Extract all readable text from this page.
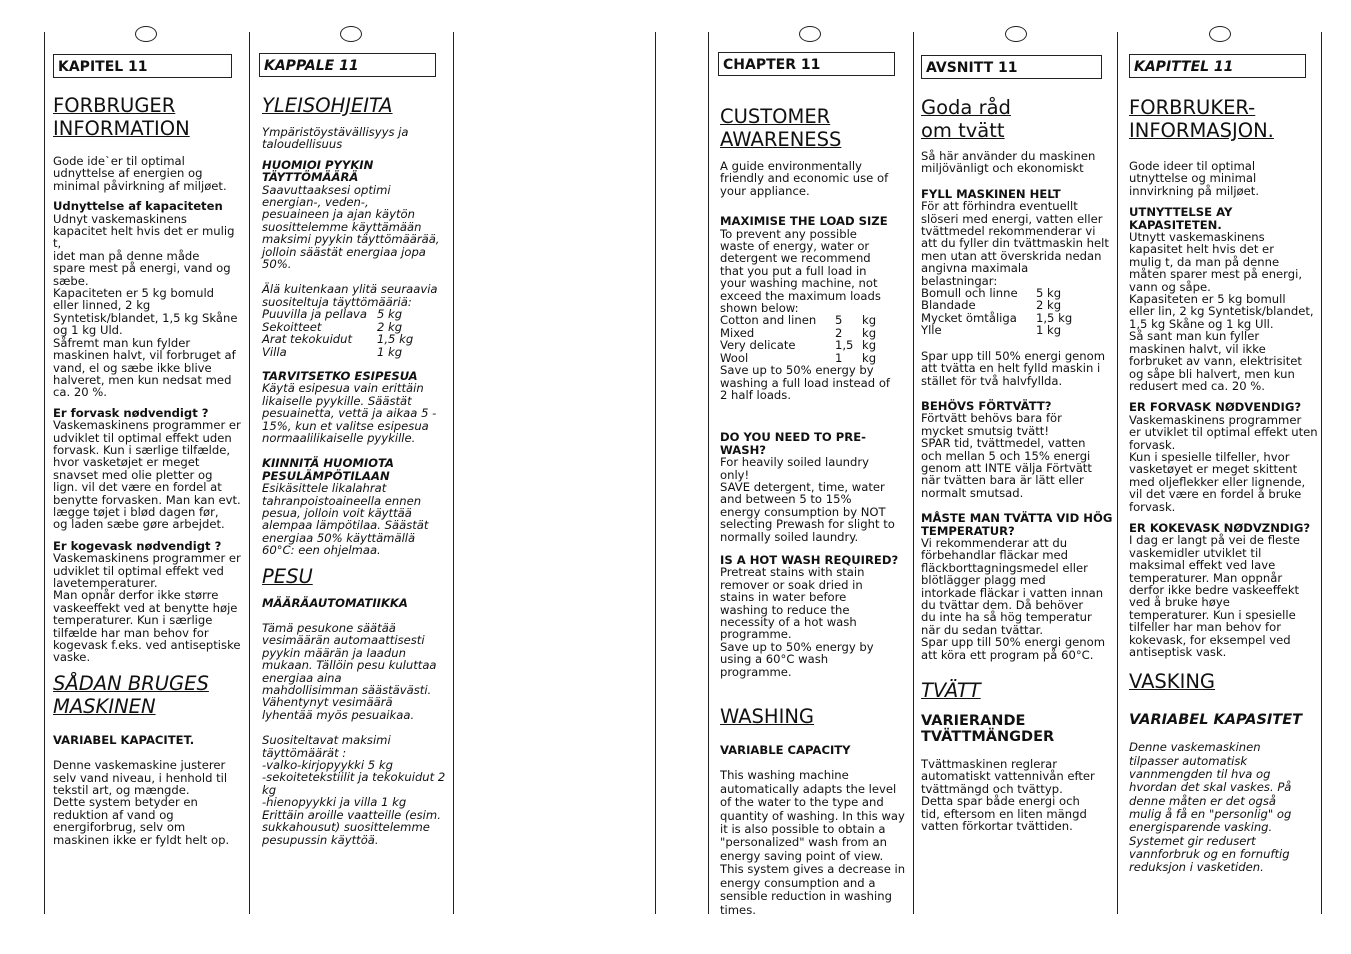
KAPITEL 11	KAPPALE 11	CHAPTER 11	AVSNITT 11	KAPITTEL 11

FORBRUGER
INFORMATION

Gode ide`er til optimal
udnyttelse af energien og
minimal påvirkning af miljøet.

Udnyttelse af kapaciteten

Udnyt vaskemaskinens
kapacitet helt hvis det er mulig t,
idet man på denne måde
spare mest på energi, vand og
sæbe.
Kapaciteten er 5 kg bomuld
eller linned, 2 kg
Syntetisk/blandet, 1,5 kg Skåne
og 1 kg Uld.
Såfremt man kun fylder
maskinen halvt, vil forbruget af
vand, el og sæbe ikke blive
halveret, men kun nedsat med
ca. 20 %.

Er forvask nødvendigt ?

Vaskemaskinens programmer er
udviklet til optimal effekt uden
forvask. Kun i særlige tilfælde,
hvor vasketøjet er meget
snavset med olie pletter og
lign. vil det være en fordel at
benytte forvasken. Man kan evt.
lægge tøjet i blød dagen før,
og laden sæbe gøre arbejdet.

Er kogevask nødvendigt ?

Vaskemaskinens programmer er
udviklet til optimal effekt ved
lavetemperaturer.
Man opnår derfor ikke større
vaskeeffekt ved at benytte høje
temperaturer. Kun i særlige
tilfælde har man behov for
kogevask f.eks. ved antiseptiske
vaske.

SÅDAN BRUGES
MASKINEN

VARIABEL KAPACITET.

Denne vaskemaskine justerer
selv vand niveau, i henhold til
tekstil art, og mængde.
Dette system betyder en
reduktion af vand og
energiforbrug, selv om
maskinen ikke er fyldt helt op.

YLEISOHJEITA

Ympäristöystävällisyys ja
taloudellisuus

HUOMIOI PYYKIN
TÄYTTÖMÄÄRÄ

Saavuttaaksesi optimi
energian-, veden-,
pesuaineen ja ajan käytön
suosittelemme käyttämään
maksimi pyykin täyttömäärää,
jolloin säästät energiaa jopa
50%.

Älä kuitenkaan ylitä seuraavia
suositeltuja täyttömääriä:

Puuvilla ja pellava	5 kg
Sekoitteet	2 kg
Arat tekokuidut	1,5 kg
Villa	1 kg

TARVITSETKO ESIPESUA

Käytä esipesua vain erittäin
likaiselle pyykille. Säästät
pesuainetta, vettä ja aikaa 5 -
15%, kun et valitse esipesua
normaalilikaiselle pyykille.

KIINNITÄ HUOMIOTA
PESULÄMPÖTILAAN

Esikäsittele likalahrat
tahranpoistoaineella ennen
pesua, jolloin voit käyttää
alempaa lämpötilaa. Säästät
energiaa 50% käyttämällä
60°C: een ohjelmaa.

PESU

MÄÄRÄAUTOMATIIKKA

Tämä pesukone säätää
vesimäärän automaattisesti
pyykin määrän ja laadun
mukaan. Tällöin pesu kuluttaa
energiaa aina
mahdollisimman säästävästi.
Vähentynyt vesimäärä
lyhentää myös pesuaikaa.

Suositeltavat maksimi
täyttömäärät :
-valko-kirjopyykki 5 kg
-sekoitetekstiilit ja tekokuidut 2 kg
-hienopyykki ja villa 1 kg
Erittäin aroille vaatteille (esim.
sukkahousut) suosittelemme
pesupussin käyttöä.

CUSTOMER
AWARENESS

A guide environmentally
friendly and economic use of
your appliance.

MAXIMISE THE LOAD SIZE

To prevent any possible
waste of energy, water or
detergent we recommend
that you put a full load in
your washing machine, not
exceed the maximum loads
shown below:

Cotton and linen	5	kg
Mixed	2	kg
Very delicate	1,5	kg
Wool	1	kg

Save up to 50% energy by
washing a full load instead of
2 half loads.

DO YOU NEED TO PRE-WASH?

For heavily soiled laundry
only!
SAVE detergent, time, water
and between 5 to 15%
energy consumption by NOT
selecting Prewash for slight to
normally soiled laundry.

IS A HOT WASH REQUIRED?

Pretreat stains with stain
remover or soak dried in
stains in water before
washing to reduce the
necessity of a hot wash
programme.
Save up to 50% energy by
using a 60°C wash
programme.

WASHING

VARIABLE CAPACITY

This washing machine
automatically adapts the level
of the water to the type and
quantity of washing. In this way
it is also possible to obtain a
"personalized" wash from an
energy saving point of view.
This system gives a decrease in
energy consumption and a
sensible reduction in washing
times.

Goda råd
om tvätt

Så här använder du maskinen
miljövänligt och ekonomiskt

FYLL MASKINEN HELT

För att förhindra eventuellt
slöseri med energi, vatten eller
tvättmedel rekommenderar vi
att du fyller din tvättmaskin helt
men utan att överskrida nedan
angivna maximala
belastningar:

Bomull och linne	5 kg
Blandade	2 kg
Mycket ömtåliga	1,5 kg
Ylle	1 kg

Spar upp till 50% energi genom
att tvätta en helt fylld maskin i
stället för två halvfyllda.

BEHÖVS FÖRTVÄTT?

Förtvätt behövs bara för
mycket smutsig tvätt!
SPAR tid, tvättmedel, vatten
och mellan 5 och 15% energi
genom att INTE välja Förtvätt
när tvätten bara är lätt eller
normalt smutsad.

MÅSTE MAN TVÄTTA VID HÖG
TEMPERATUR?

Vi rekommenderar att du
förbehandlar fläckar med
fläckborttagningsmedel eller
blötlägger plagg med
intorkade fläckar i vatten innan
du tvättar dem. Då behöver
du inte ha så hög temperatur
när du sedan tvättar.
Spar upp till 50% energi genom
att köra ett program på 60°C.

TVÄTT

VARIERANDE
TVÄTTMÄNGDER

Tvättmaskinen reglerar
automatiskt vattennivån efter
tvättmängd och tvättyp.
Detta spar både energi och
tid, eftersom en liten mängd
vatten förkortar tvättiden.

FORBRUKER-
INFORMASJON.

Gode ideer til optimal
utnyttelse og minimal
innvirkning på miljøet.

UTNYTTELSE AY KAPASITETEN.

Utnytt vaskemaskinens
kapasitet helt hvis det er
mulig t, da man på denne
måten sparer mest på energi,
vann og såpe.
Kapasiteten er 5 kg bomull
eller lin, 2 kg Syntetisk/blandet,
1,5 kg Skåne og 1 kg Ull.
Så sant man kun fyller
maskinen halvt, vil ikke
forbruket av vann, elektrisitet
og såpe bli halvert, men kun
redusert med ca. 20 %.

ER FORVASK NØDVENDIG?

Vaskemaskinens programmer
er utviklet til optimal effekt uten
forvask.
Kun i spesielle tilfeller, hvor
vasketøyet er meget skittent
med oljeflekker eller lignende,
vil det være en fordel å bruke
forvask.

ER KOKEVASK NØDVZNDIG?

I dag er langt på vei de fleste
vaskemidler utviklet til
maksimal effekt ved lave
temperaturer. Man oppnår
derfor ikke bedre vaskeeffekt
ved å bruke høye
temperaturer. Kun i spesielle
tilfeller har man behov for
kokevask, for eksempel ved
antiseptisk vask.

VASKING

VARIABEL KAPASITET

Denne vaskemaskinen
tilpasser automatisk
vannmengden til hva og
hvordan det skal vaskes. På
denne måten er det også
mulig å få en "personlig" og
energisparende vasking.
Systemet gir redusert
vannforbruk og en fornuftig
reduksjon i vasketiden.
